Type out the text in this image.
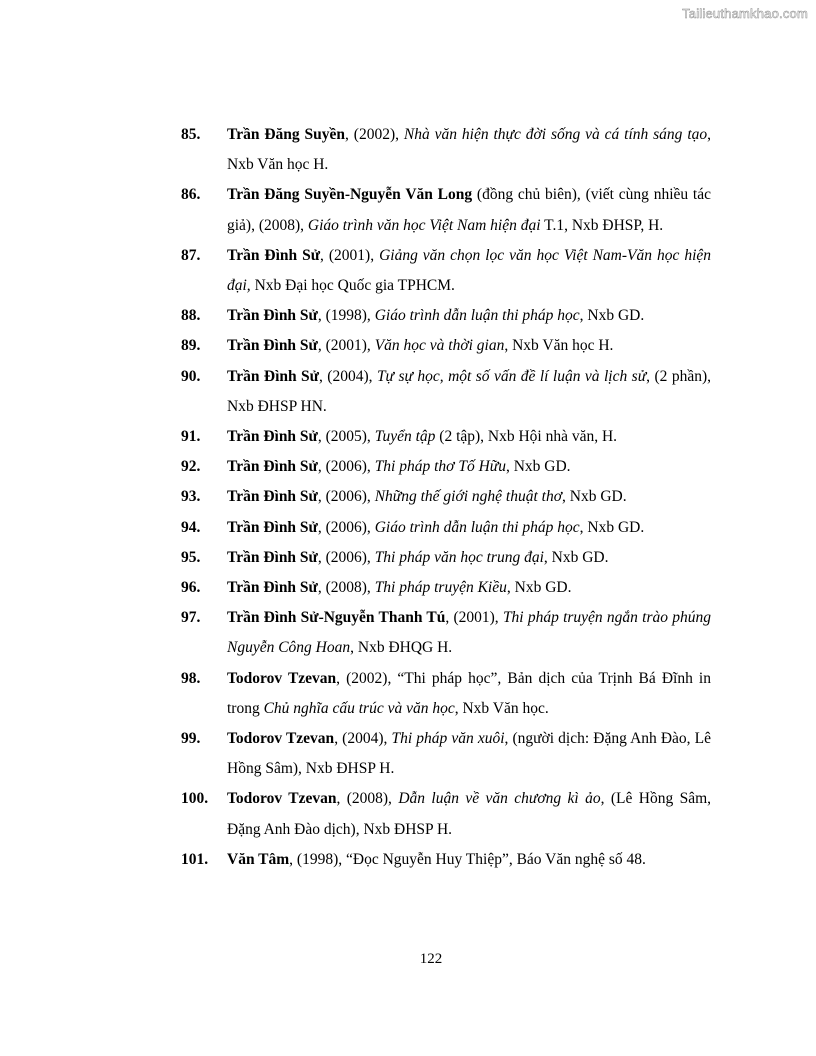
Tailieuthamkhao.com
85.	Trần Đăng Suyền, (2002), Nhà văn hiện thực đời sống và cá tính sáng tạo, Nxb Văn học H.
86.	Trần Đăng Suyền-Nguyễn Văn Long (đồng chủ biên), (viết cùng nhiều tác giả), (2008), Giáo trình văn học Việt Nam hiện đại T.1, Nxb ĐHSP, H.
87.	Trần Đình Sử, (2001), Giảng văn chọn lọc văn học Việt Nam-Văn học hiện đại, Nxb Đại học Quốc gia TPHCM.
88.	Trần Đình Sử, (1998), Giáo trình dẫn luận thi pháp học, Nxb GD.
89.	Trần Đình Sử, (2001), Văn học và thời gian, Nxb Văn học H.
90.	Trần Đình Sử, (2004), Tự sự học, một số vấn đề lí luận và lịch sử, (2 phần), Nxb ĐHSP HN.
91.	Trần Đình Sử, (2005), Tuyển tập (2 tập), Nxb Hội nhà văn, H.
92.	Trần Đình Sử, (2006), Thi pháp thơ Tố Hữu, Nxb GD.
93.	Trần Đình Sử, (2006), Những thế giới nghệ thuật thơ, Nxb GD.
94.	Trần Đình Sử, (2006), Giáo trình dẫn luận thi pháp học, Nxb GD.
95.	Trần Đình Sử, (2006), Thi pháp văn học trung đại, Nxb GD.
96.	Trần Đình Sử, (2008), Thi pháp truyện Kiều, Nxb GD.
97.	Trần Đình Sử-Nguyễn Thanh Tú, (2001), Thi pháp truyện ngắn trào phúng Nguyễn Công Hoan, Nxb ĐHQG H.
98.	Todorov Tzevan, (2002), “Thi pháp học”, Bản dịch của Trịnh Bá Đĩnh in trong Chủ nghĩa cấu trúc và văn học, Nxb Văn học.
99.	Todorov Tzevan, (2004), Thi pháp văn xuôi, (người dịch: Đặng Anh Đào, Lê Hồng Sâm), Nxb ĐHSP H.
100.	Todorov Tzevan, (2008), Dẫn luận về văn chương kì ảo, (Lê Hồng Sâm, Đặng Anh Đào dịch), Nxb ĐHSP H.
101.	Văn Tâm, (1998), “Đọc Nguyễn Huy Thiệp”, Báo Văn nghệ số 48.
122
